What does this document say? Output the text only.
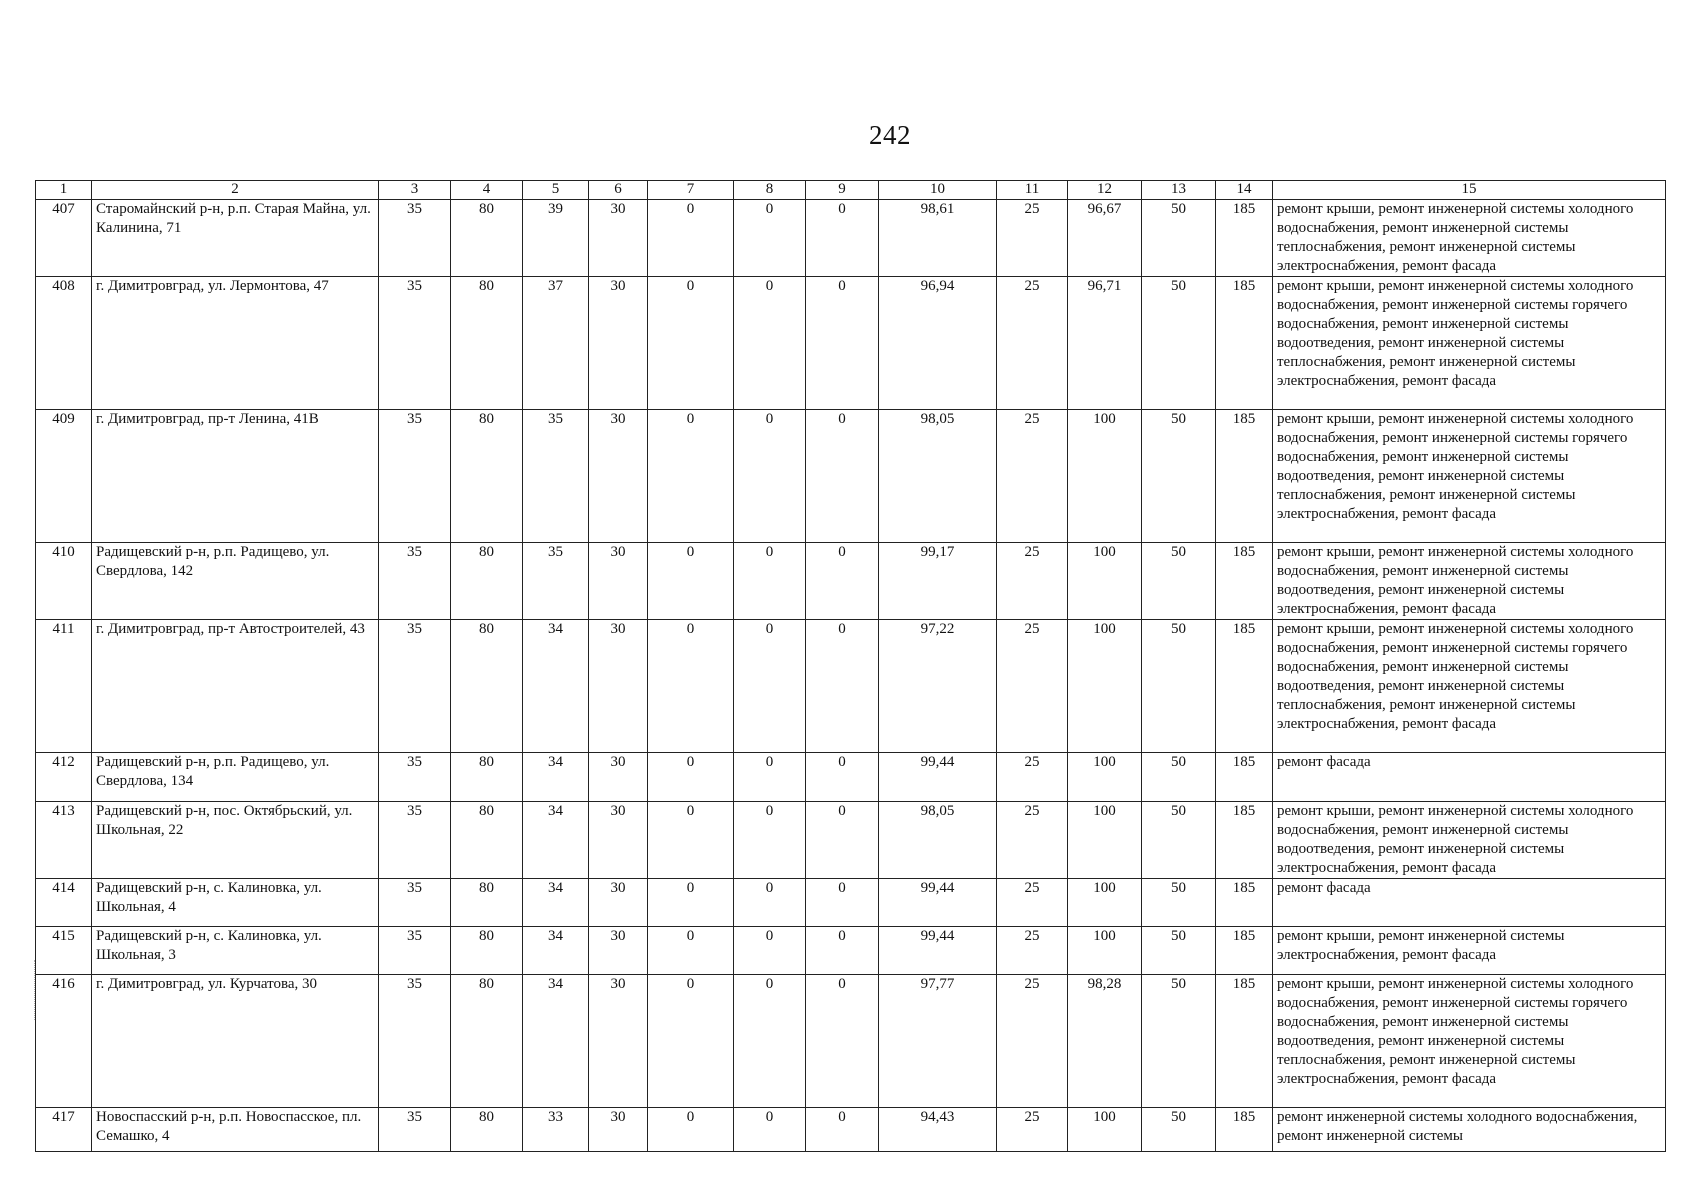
242
1	2	3	4	5	6	7	8	9	10	11	12	13	14	15
407	Старомайнский р-н, р.п. Старая Майна, ул. Калинина, 71	35	80	39	30	0	0	0	98,61	25	96,67	50	185	ремонт крыши, ремонт инженерной системы холодного водоснабжения, ремонт инженерной системы теплоснабжения, ремонт инженерной системы электроснабжения, ремонт фасада
408	г. Димитровград, ул. Лермонтова, 47	35	80	37	30	0	0	0	96,94	25	96,71	50	185	ремонт крыши, ремонт инженерной системы холодного водоснабжения, ремонт инженерной системы горячего водоснабжения, ремонт инженерной системы водоотведения, ремонт инженерной системы теплоснабжения, ремонт инженерной системы электроснабжения, ремонт фасада
409	г. Димитровград, пр-т Ленина, 41В	35	80	35	30	0	0	0	98,05	25	100	50	185	ремонт крыши, ремонт инженерной системы холодного водоснабжения, ремонт инженерной системы горячего водоснабжения, ремонт инженерной системы водоотведения, ремонт инженерной системы теплоснабжения, ремонт инженерной системы электроснабжения, ремонт фасада
410	Радищевский р-н, р.п. Радищево, ул. Свердлова, 142	35	80	35	30	0	0	0	99,17	25	100	50	185	ремонт крыши, ремонт инженерной системы холодного водоснабжения, ремонт инженерной системы водоотведения, ремонт инженерной системы электроснабжения, ремонт фасада
411	г. Димитровград, пр-т Автостроителей, 43	35	80	34	30	0	0	0	97,22	25	100	50	185	ремонт крыши, ремонт инженерной системы холодного водоснабжения, ремонт инженерной системы горячего водоснабжения, ремонт инженерной системы водоотведения, ремонт инженерной системы теплоснабжения, ремонт инженерной системы электроснабжения, ремонт фасада
412	Радищевский р-н, р.п. Радищево, ул. Свердлова, 134	35	80	34	30	0	0	0	99,44	25	100	50	185	ремонт фасада
413	Радищевский р-н, пос. Октябрьский, ул. Школьная, 22	35	80	34	30	0	0	0	98,05	25	100	50	185	ремонт крыши, ремонт инженерной системы холодного водоснабжения, ремонт инженерной системы водоотведения, ремонт инженерной системы электроснабжения, ремонт фасада
414	Радищевский р-н, с. Калиновка, ул. Школьная, 4	35	80	34	30	0	0	0	99,44	25	100	50	185	ремонт фасада
415	Радищевский р-н, с. Калиновка, ул. Школьная, 3	35	80	34	30	0	0	0	99,44	25	100	50	185	ремонт крыши, ремонт инженерной системы электроснабжения, ремонт фасада
416	г. Димитровград, ул. Курчатова, 30	35	80	34	30	0	0	0	97,77	25	98,28	50	185	ремонт крыши, ремонт инженерной системы холодного водоснабжения, ремонт инженерной системы горячего водоснабжения, ремонт инженерной системы водоотведения, ремонт инженерной системы теплоснабжения, ремонт инженерной системы электроснабжения, ремонт фасада
417	Новоспасский р-н, р.п. Новоспасское, пл. Семашко, 4	35	80	33	30	0	0	0	94,43	25	100	50	185	ремонт инженерной системы холодного водоснабжения, ремонт инженерной системы
